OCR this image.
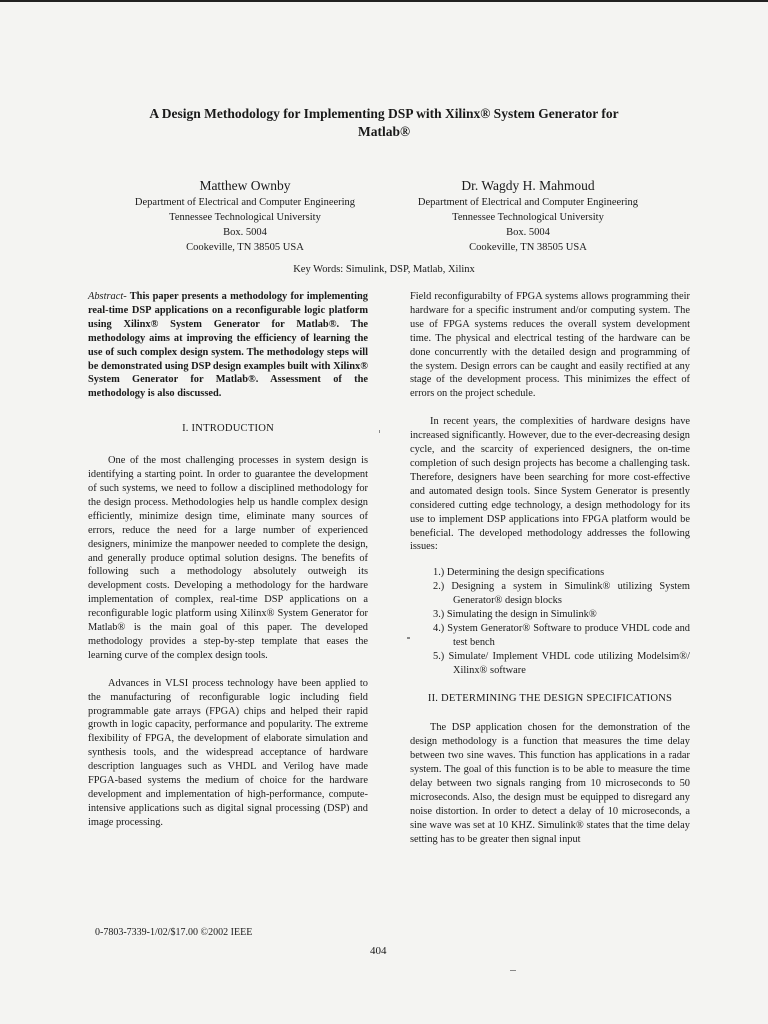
A Design Methodology for Implementing DSP with Xilinx® System Generator for
Matlab®
Matthew Ownby
Department of Electrical and Computer Engineering
Tennessee Technological University
Box. 5004
Cookeville, TN 38505 USA
Dr. Wagdy H. Mahmoud
Department of Electrical and Computer Engineering
Tennessee Technological University
Box. 5004
Cookeville, TN 38505 USA
Key Words: Simulink, DSP, Matlab, Xilinx

Abstract- This paper presents a methodology for implementing real-time DSP applications on a reconfigurable logic platform using Xilinx® System Generator for Matlab®. The methodology aims at improving the efficiency of learning the use of such complex design system. The methodology steps will be demonstrated using DSP design examples built with Xilinx® System Generator for Matlab®. Assessment of the methodology is also discussed.

I. INTRODUCTION

One of the most challenging processes in system design is identifying a starting point. In order to guarantee the development of such systems, we need to follow a disciplined methodology for the design process. Methodologies help us handle complex design efficiently, minimize design time, eliminate many sources of errors, reduce the need for a large number of experienced designers, minimize the manpower needed to complete the design, and generally produce optimal solution designs. The benefits of following such a methodology absolutely outweigh its development costs. Developing a methodology for the hardware implementation of complex, real-time DSP applications on a reconfigurable logic platform using Xilinx® System Generator for Matlab® is the main goal of this paper. The developed methodology provides a step-by-step template that eases the learning curve of the complex design tools.

Advances in VLSI process technology have been applied to the manufacturing of reconfigurable logic including field programmable gate arrays (FPGA) chips and helped their rapid growth in logic capacity, performance and popularity. The extreme flexibility of FPGA, the development of elaborate simulation and synthesis tools, and the widespread acceptance of hardware description languages such as VHDL and Verilog have made FPGA-based systems the medium of choice for the hardware development and implementation of high-performance, compute-intensive applications such as digital signal processing (DSP) and image processing.

Field reconfigurabilty of FPGA systems allows programming their hardware for a specific instrument and/or computing system. The use of FPGA systems reduces the overall system development time. The physical and electrical testing of the hardware can be done concurrently with the detailed design and programming of the system. Design errors can be caught and easily rectified at any stage of the development process. This minimizes the effect of errors on the project schedule.

In recent years, the complexities of hardware designs have increased significantly. However, due to the ever-decreasing design cycle, and the scarcity of experienced designers, the on-time completion of such design projects has become a challenging task. Therefore, designers have been searching for more cost-effective and automated design tools. Since System Generator is presently considered cutting edge technology, a design methodology for its use to implement DSP applications into FPGA platform would be beneficial. The developed methodology addresses the following issues:

1.) Determining the design specifications
2.) Designing a system in Simulink® utilizing System Generator® design blocks
3.) Simulating the design in Simulink®
4.) System Generator® Software to produce VHDL code and test bench
5.) Simulate/ Implement VHDL code utilizing Modelsim®/ Xilinx® software

II. DETERMINING THE DESIGN SPECIFICATIONS

The DSP application chosen for the demonstration of the design methodology is a function that measures the time delay between two sine waves. This function has applications in a radar system. The goal of this function is to be able to measure the time delay between two signals ranging from 10 microseconds to 50 microseconds. Also, the design must be equipped to disregard any noise distortion. In order to detect a delay of 10 microseconds, a sine wave was set at 10 KHZ. Simulink® states that the time delay setting has to be greater then signal input

0-7803-7339-1/02/$17.00 ©2002 IEEE
404
